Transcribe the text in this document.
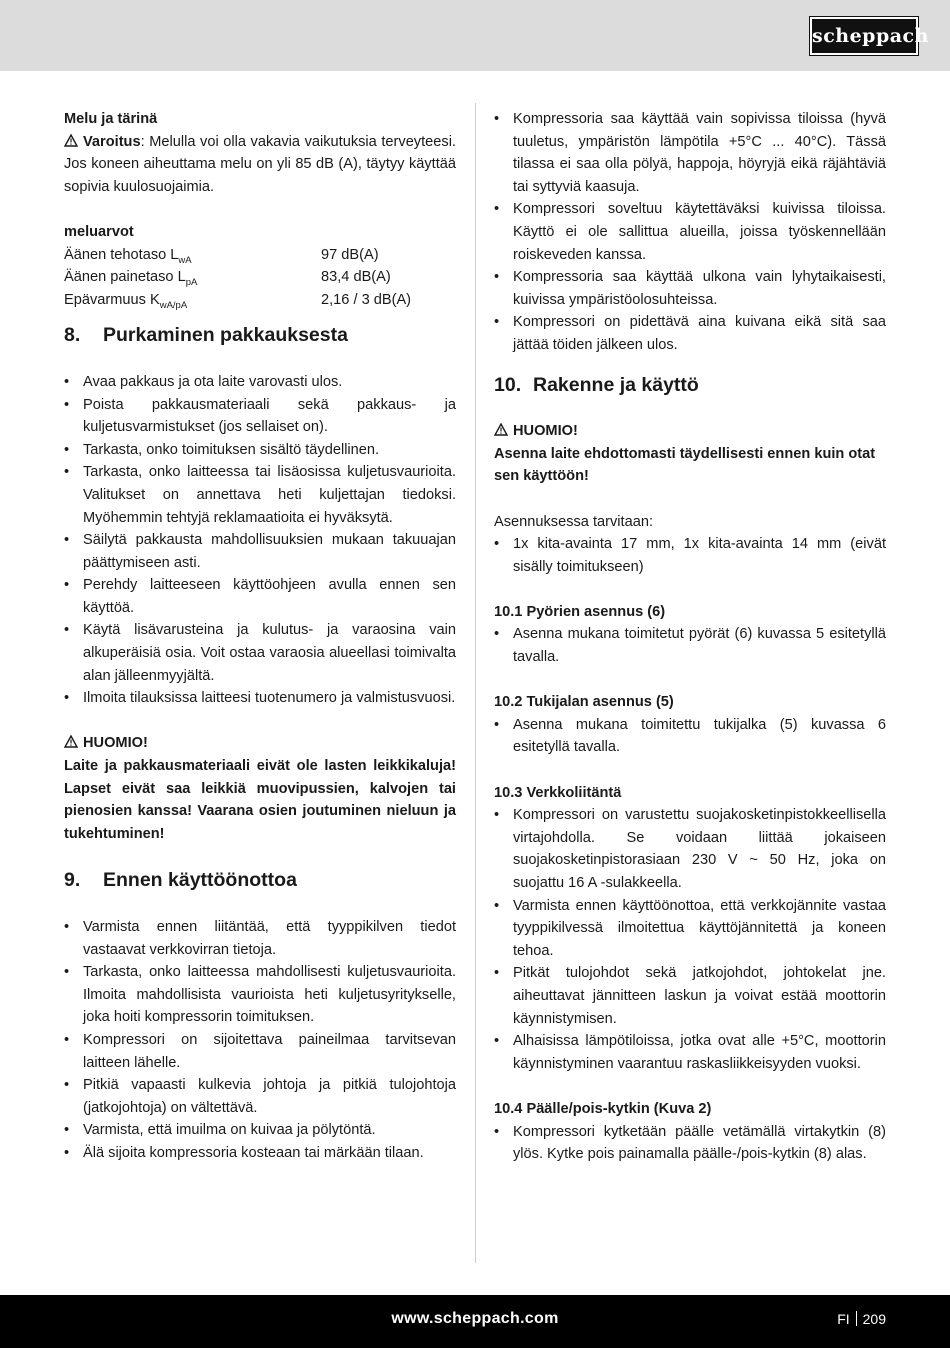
scheppach

Melu ja tärinä

Varoitus: Melulla voi olla vakavia vaikutuksia terveyteesi. Jos koneen aiheuttama melu on yli 85 dB (A), täytyy käyttää sopivia kuulosuojaimia.

meluarvot

Äänen tehotaso $L_{wA}$	97 dB(A)
Äänen painetaso $L_{pA}$	83,4 dB(A)
Epävarmuus $K_{wA/pA}$	2,16 / 3 dB(A)
8. Purkaminen pakkauksesta
• Avaa pakkaus ja ota laite varovasti ulos.
• Poista pakkausmateriaali sekä pakkaus- ja kuljetusvarmistukset (jos sellaiset on).
• Tarkasta, onko toimituksen sisältö täydellinen.
• Tarkasta, onko laitteessa tai lisäosissa kuljetusvaurioita. Valitukset on annettava heti kuljettajan tiedoksi. Myöhemmin tehtyjä reklamaatioita ei hyväksytä.
• Säilytä pakkausta mahdollisuuksien mukaan takuuajan päättymiseen asti.
• Perehdy laitteeseen käyttöohjeen avulla ennen sen käyttöä.
• Käytä lisävarusteina ja kulutus- ja varaosina vain alkuperäisiä osia. Voit ostaa varaosia alueellasi toimivalta alan jälleenmyyjältä.
• Ilmoita tilauksissa laitteesi tuotenumero ja valmistusvuosi.

HUOMIO!

Laite ja pakkausmateriaali eivät ole lasten leikkikaluja! Lapset eivät saa leikkiä muovipussien, kalvojen tai pienosien kanssa! Vaarana osien joutuminen nieluun ja tukehtuminen!

9. Ennen käyttöönottoa
• Varmista ennen liitäntää, että tyyppikilven tiedot vastaavat verkkovirran tietoja.
• Tarkasta, onko laitteessa mahdollisesti kuljetusvaurioita. Ilmoita mahdollisista vaurioista heti kuljetusyritykselle, joka hoiti kompressorin toimituksen.
• Kompressori on sijoitettava paineilmaa tarvitsevan laitteen lähelle.
• Pitkiä vapaasti kulkevia johtoja ja pitkiä tulojohtoja (jatkojohtoja) on vältettävä.
• Varmista, että imuilma on kuivaa ja pölytöntä.
• Älä sijoita kompressoria kosteaan tai märkään tilaan.
• Kompressoria saa käyttää vain sopivissa tiloissa (hyvä tuuletus, ympäristön lämpötila +5°C ... 40°C). Tässä tilassa ei saa olla pölyä, happoja, höyryjä eikä räjähtäviä tai syttyviä kaasuja.
• Kompressori soveltuu käytettäväksi kuivissa tiloissa. Käyttö ei ole sallittua alueilla, joissa työskennellään roiskeveden kanssa.
• Kompressoria saa käyttää ulkona vain lyhytaikaisesti, kuivissa ympäristöolosuhteissa.
• Kompressori on pidettävä aina kuivana eikä sitä saa jättää töiden jälkeen ulos.
10. Rakenne ja käyttö

HUOMIO!

Asenna laite ehdottomasti täydellisesti ennen kuin otat sen käyttöön!

Asennuksessa tarvitaan:

• 1x kita-avainta 17 mm, 1x kita-avainta 14 mm (eivät sisälly toimitukseen)
10.1 Pyörien asennus (6)
• Asenna mukana toimitetut pyörät (6) kuvassa 5 esitetyllä tavalla.
10.2 Tukijalan asennus (5)
• Asenna mukana toimitettu tukijalka (5) kuvassa 6 esitetyllä tavalla.
10.3 Verkkoliitäntä
• Kompressori on varustettu suojakosketinpistokkeellisella virtajohdolla. Se voidaan liittää jokaiseen suojakosketinpistorasiaan 230 V ~ 50 Hz, joka on suojattu 16 A -sulakkeella.
• Varmista ennen käyttöönottoa, että verkkojännite vastaa tyyppikilvessä ilmoitettua käyttöjännitettä ja koneen tehoa.
• Pitkät tulojohdot sekä jatkojohdot, johtokelat jne. aiheuttavat jännitteen laskun ja voivat estää moottorin käynnistymisen.
• Alhaisissa lämpötiloissa, jotka ovat alle +5°C, moottorin käynnistyminen vaarantuu raskasliikkeisyyden vuoksi.
10.4 Päälle/pois-kytkin (Kuva 2)
• Kompressori kytketään päälle vetämällä virtakytkin (8) ylös. Kytke pois painamalla päälle-/pois-kytkin (8) alas.
www.scheppach.com	FI 209
